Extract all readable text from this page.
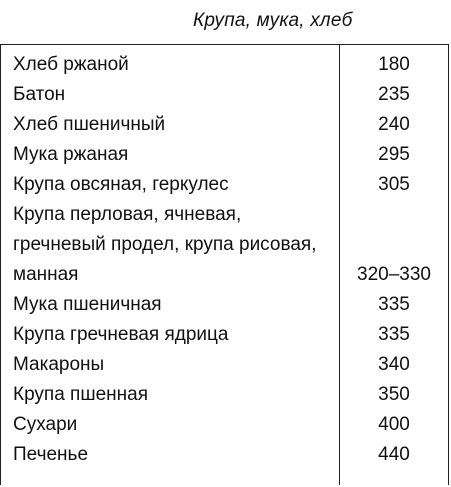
Крупа, мука, хлеб
Хлеб ржаной	180
Батон	235
Хлеб пшеничный	240
Мука ржаная	295
Крупа овсяная, геркулес	305
Крупа перловая, ячневая,
гречневый продел, крупа рисовая,
манная	320–330
Мука пшеничная	335
Крупа гречневая ядрица	335
Макароны	340
Крупа пшенная	350
Сухари	400
Печенье	440
